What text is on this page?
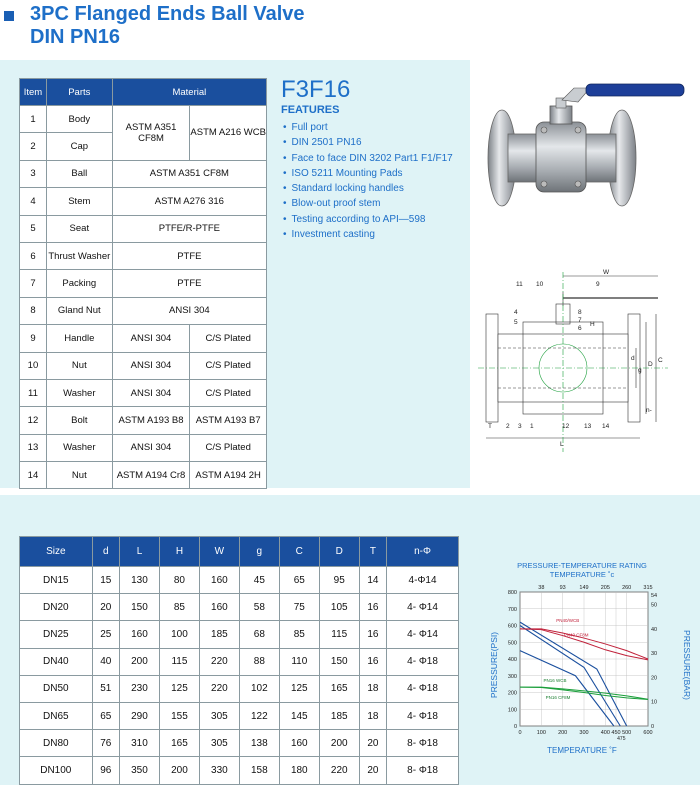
3PC Flanged Ends Ball Valve
DIN PN16
Item	Parts	Material	
1	Body	ASTM A351 CF8M	ASTM A216 WCB
2	Cap		
3	Ball	ASTM A351 CF8M	
4	Stem	ASTM A276 316	
5	Seat	PTFE/R-PTFE	
6	Thrust Washer	PTFE	
7	Packing	PTFE	
8	Gland Nut	ANSI 304	
9	Handle	ANSI 304	C/S Plated
10	Nut	ANSI 304	C/S Plated
11	Washer	ANSI 304	C/S Plated
12	Bolt	ASTM A193 B8	ASTM A193 B7
13	Washer	ANSI 304	C/S Plated
14	Nut	ASTM A194 Cr8	ASTM A194 2H
F3F16
FEATURES
• Full port
• DIN 2501 PN16
• Face to face DIN 3202 Part1 F1/F17
• ISO 5211 Mounting Pads
• Standard locking handles
• Blow-out proof stem
• Testing according to API—598
• Investment casting
11 10	9
W
4
5
8
7
6
H
T 2 3 1	12 13 14
L
d
g
D
C
n-
Size	d	L	H	W	g	C	D	T	n-Φ
DN15	15	130	80	160	45	65	95	14	4-Φ14
DN20	20	150	85	160	58	75	105	16	4- Φ14
DN25	25	160	100	185	68	85	115	16	4- Φ14
DN40	40	200	115	220	88	110	150	16	4- Φ18
DN50	51	230	125	220	102	125	165	18	4- Φ18
DN65	65	290	155	305	122	145	185	18	4- Φ18
DN80	76	310	165	305	138	160	200	20	8- Φ18
DN100	96	350	200	330	158	180	220	20	8- Φ18
PRESSURE-TEMPERATURE RATING
TEMPERATURE ˚c
TEMPERATURE ˚F
PRESSURE(PSI)	PRESSURE(BAR)
0
100
200
300
400
500
600
700
800
0	100 200 300 400 450 500 600
475
38	93 149 205 260 315
0
10
20
30
40
50
54
PN40/WCB
PN40 CF8M
PN16 WCB
PN16 CF8M
